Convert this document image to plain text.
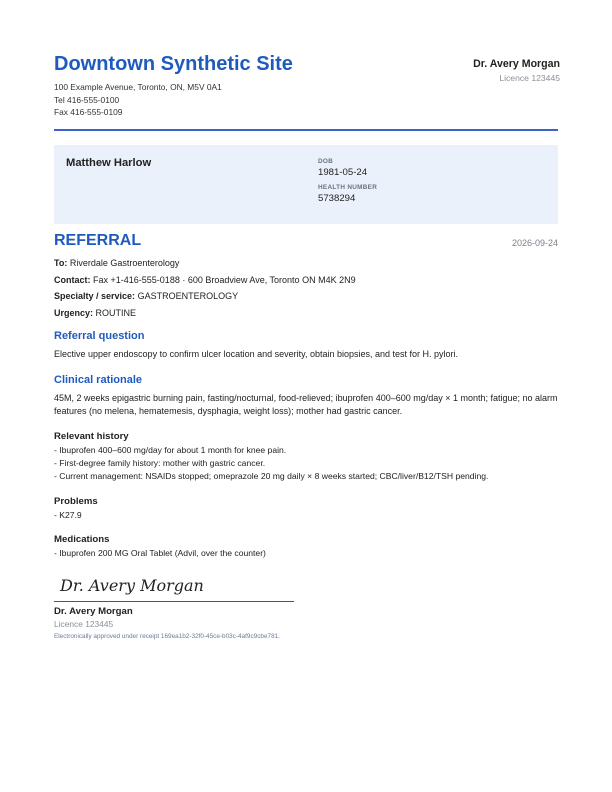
Downtown Synthetic Site
100 Example Avenue, Toronto, ON, M5V 0A1
Tel 416-555-0100
Fax 416-555-0109
Dr. Avery Morgan
Licence 123445
Matthew Harlow	DOB
1981-05-24
HEALTH NUMBER
5738294
REFERRAL	2026-09-24

To: Riverdale Gastroenterology

Contact: Fax +1-416-555-0188 · 600 Broadview Ave, Toronto ON M4K 2N9

Specialty / service: GASTROENTEROLOGY

Urgency: ROUTINE

Referral question

Elective upper endoscopy to confirm ulcer location and severity, obtain biopsies, and test for H. pylori.

Clinical rationale

45M, 2 weeks epigastric burning pain, fasting/nocturnal, food-relieved; ibuprofen 400–600 mg/day × 1 month; fatigue; no alarm features (no melena, hematemesis, dysphagia, weight loss); mother had gastric cancer.

Relevant history
- Ibuprofen 400–600 mg/day for about 1 month for knee pain.
- First-degree family history: mother with gastric cancer.
- Current management: NSAIDs stopped; omeprazole 20 mg daily × 8 weeks started; CBC/liver/B12/TSH pending.
Problems
- K27.9
Medications
- Ibuprofen 200 MG Oral Tablet (Advil, over the counter)
Dr. Avery Morgan
Dr. Avery Morgan
Licence 123445
Electronically approved under receipt 169ea1b2-32f0-45ce-b03c-4af9c9cbe781.
